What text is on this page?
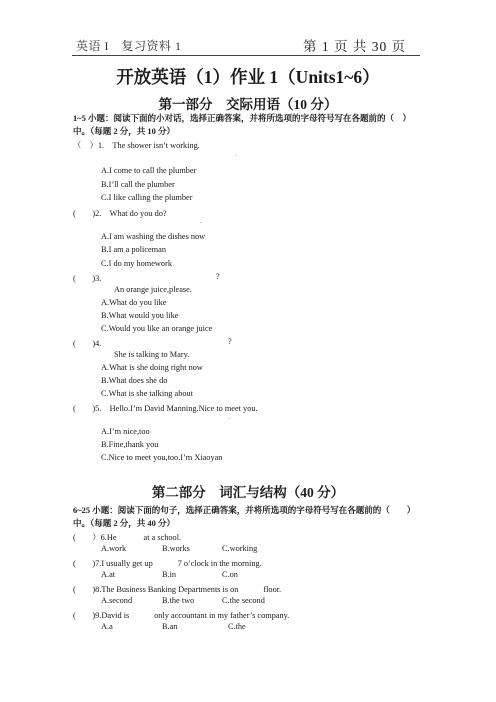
英语 I　复习资料 1	第 1 页 共 30 页
开放英语（1）作业 1（Units1~6）
第一部分　交际用语（10 分）
1~5 小题：阅读下面的小对话，选择正确答案，并将所选项的字母符号写在各题前的（　）
中。（每题 2 分，共 10 分）
（　）1.　The shower isn’t working.
.
A.I come to call the plumber
B.I’ll call the plumber
C.I like calling the plumber
(　　)2.　What do you do?
.
A.I am washing the dishes now
B.I am a policeman
C.I do my homework
(　　)3.	?
An orange juice,please.
A.What do you like
B.What would you like
C.Would you like an orange juice
(　　)4.	?
She is talking to Mary.
A.What is she doing right now
B.What does she do
C.What is she talking about
(　　)5.　Hello.I’m David Manning.Nice to meet you.
.
A.I’m nice,too
B.Fine,thank you
C.Nice to meet you,too.I’m Xiaoyan
第二部分　词汇与结构（40 分）
6~25 小题：阅读下面的句子，选择正确答案，并将所选项的字母符号写在各题前的（　　）
中。（每题 2 分，共 40 分）
(　　）6.He　　　 at a school.
A.work	B.works	C.working
(　　)7.I usually get up　　　7 o’clock in the morning.
A.at	B.in	C.on
(　　)8.The Business Banking Departments is on　　　floor.
A.second	B.the two	C.the second
(　　)9.David is　　　only accountant in my father’s company.
A.a	B.an	C.the
